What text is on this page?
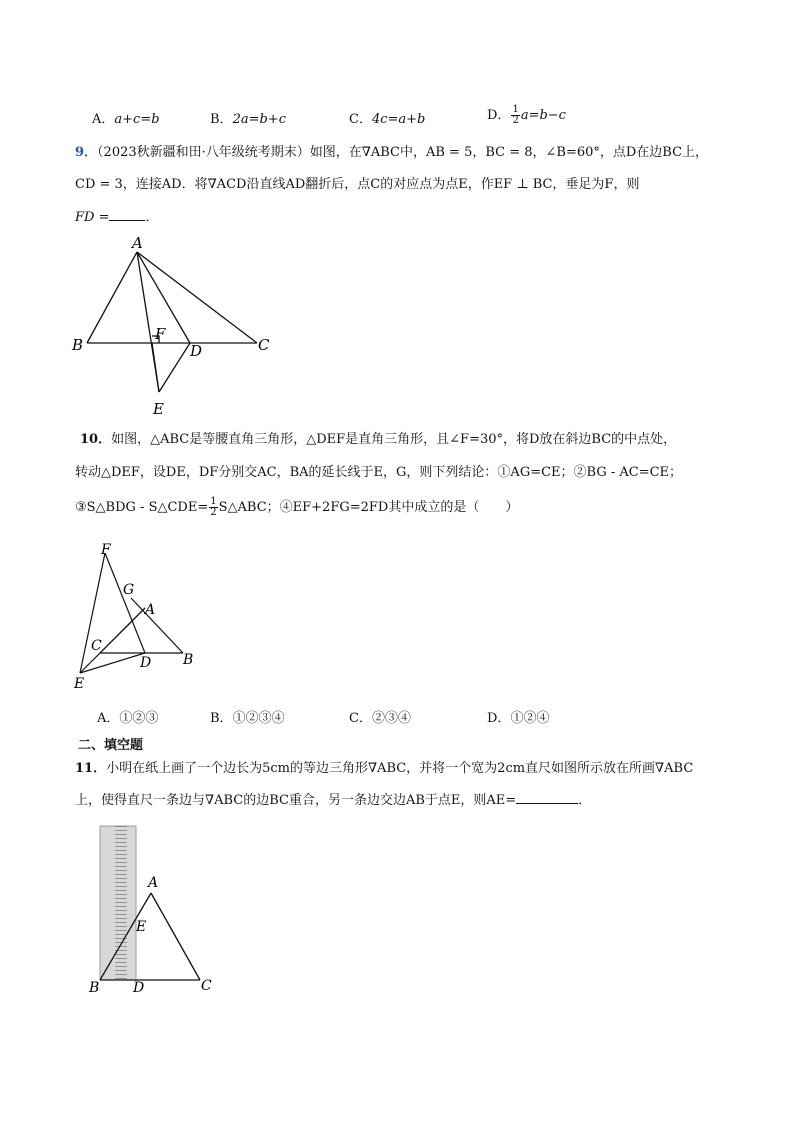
A．a+c=b	B．2a=b+c	C．4c=a+b	D． $\frac{1}{2} a=b-c$
9．（2023秋新疆和田·八年级统考期末）如图，在∇ABC中，AB = 5，BC = 8，∠B=60°，点D在边BC上，
CD = 3，连接AD．将∇ACD沿直线AD翻折后，点C的对应点为点E，作EF ⊥ BC，垂足为F，则
FD =	．
A
B	C
D
E
F
10．如图，△ABC是等腰直角三角形，△DEF是直角三角形，且∠F=30°，将D放在斜边BC的中点处，
转动△DEF，设DE，DF分别交AC，BA的延长线于E，G，则下列结论：①AG=CE；②BG - AC=CE；
③S△BDG - S△CDE= $\frac{1}{2}$ S△ABC；④EF+2FG=2FD其中成立的是（　　）
F
G
A
C
D B
E
A．①②③	B．①②③④	C．②③④	D．①②④
二、填空题
11．小明在纸上画了一个边长为5cm的等边三角形∇ABC，并将一个宽为2cm直尺如图所示放在所画∇ABC
上，使得直尺一条边与∇ABC的边BC重合，另一条边交边AB于点E，则AE=	．
A
E
B D	C
